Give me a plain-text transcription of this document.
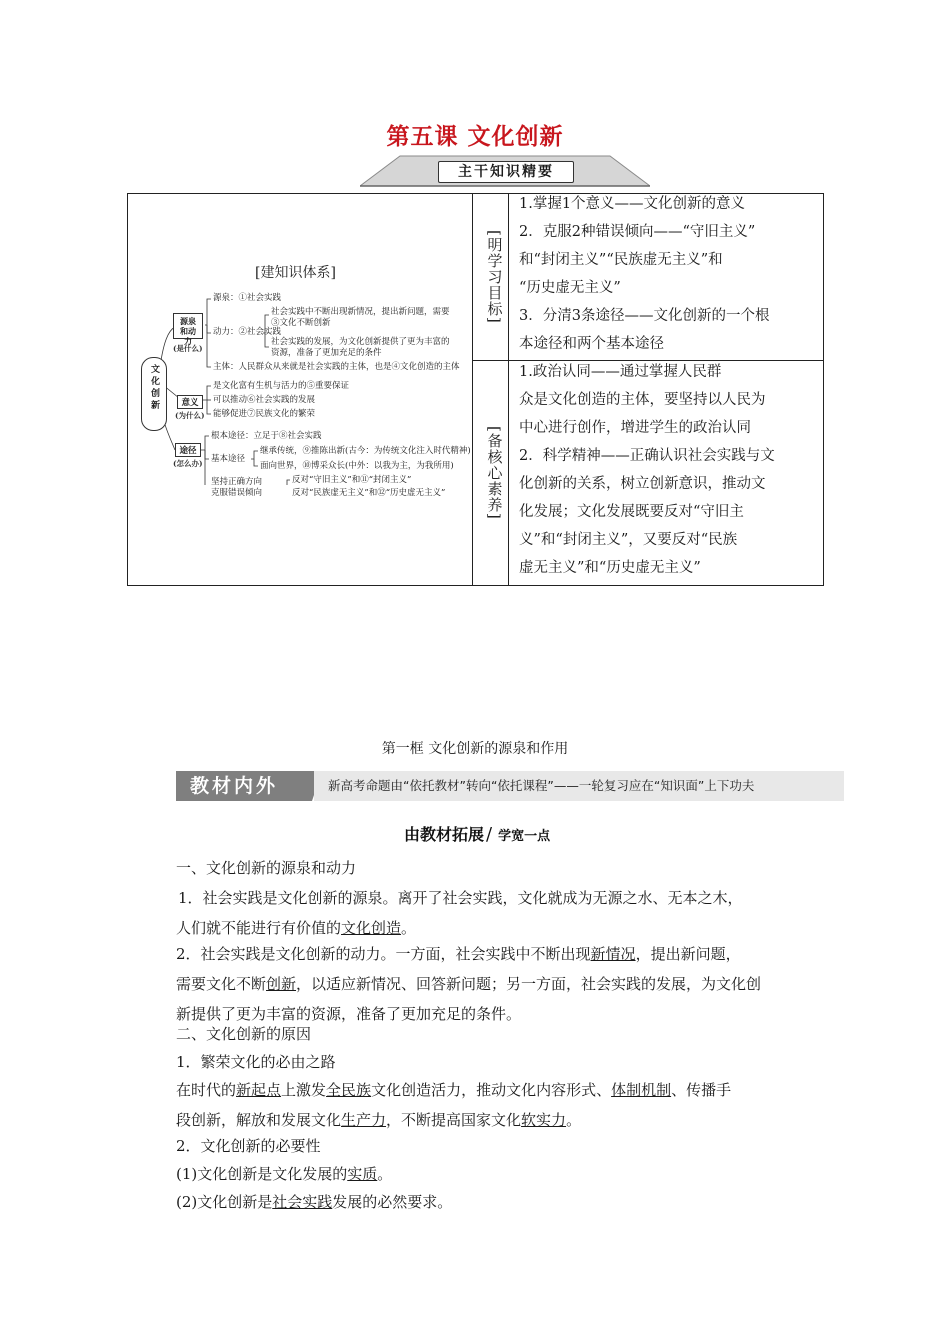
第五课 文化创新
主干知识精要
[明学习目标]
[备核心素养]

1.掌握1个意义——文化创新的意义

2．克服2种错误倾向——“守旧主义”

和“封闭主义”“民族虚无主义”和

“历史虚无主义”

3．分清3条途径——文化创新的一个根

本途径和两个基本途径

1.政治认同——通过掌握人民群

众是文化创造的主体，要坚持以人民为

中心进行创作，增进学生的政治认同

2．科学精神——正确认识社会实践与文

化创新的关系，树立创新意识，推动文

化发展；文化发展既要反对“守旧主

义”和“封闭主义”，又要反对“民族

虚无主义”和“历史虚无主义”

[建知识体系]
文化创新
源泉和动力
(是什么)
意义
(为什么)
途径
(怎么办)
源泉：①社会实践
动力：②社会实践
社会实践中不断出现新情况，提出新问题，需要
③文化不断创新
社会实践的发展，为文化创新提供了更为丰富的
资源，准备了更加充足的条件
主体：人民群众从来就是社会实践的主体，也是④文化创造的主体
是文化富有生机与活力的⑤重要保证
可以推动⑥社会实践的发展
能够促进⑦民族文化的繁荣
根本途径：立足于⑧社会实践
基本途径
继承传统，⑨推陈出新(古今：为传统文化注入时代精神)
面向世界，⑩博采众长(中外：以我为主，为我所用)
坚持正确方向
克服错误倾向
反对“守旧主义”和⑪“封闭主义”
反对“民族虚无主义”和⑫“历史虚无主义”
第一框 文化创新的源泉和作用
教材内外	新高考命题由“依托教材”转向“依托课程”——一轮复习应在“知识面”上下功夫
由教材拓展 / 学宽一点
一、文化创新的源泉和动力
1．社会实践是文化创新的源泉。离开了社会实践，文化就成为无源之水、无本之木，
人们就不能进行有价值的文化创造。
2．社会实践是文化创新的动力。一方面，社会实践中不断出现新情况，提出新问题，
需要文化不断创新，以适应新情况、回答新问题；另一方面，社会实践的发展，为文化创
新提供了更为丰富的资源，准备了更加充足的条件。
二、文化创新的原因
1．繁荣文化的必由之路
在时代的新起点上激发全民族文化创造活力，推动文化内容形式、体制机制、传播手
段创新，解放和发展文化生产力，不断提高国家文化软实力。
2．文化创新的必要性
(1)文化创新是文化发展的实质。
(2)文化创新是社会实践发展的必然要求。
